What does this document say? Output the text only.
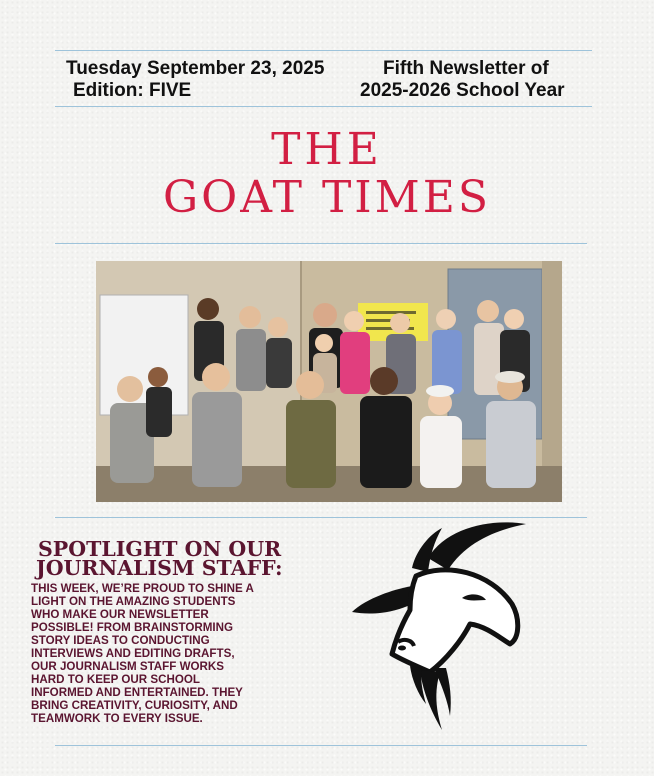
Tuesday September 23, 2025
Edition: FIVE
Fifth Newsletter of
2025-2026 School Year
THE
GOAT TIMES
SPOTLIGHT ON OUR
JOURNALISM STAFF:
THIS WEEK, WE’RE PROUD TO SHINE A
LIGHT ON THE AMAZING STUDENTS
WHO MAKE OUR NEWSLETTER
POSSIBLE! FROM BRAINSTORMING
STORY IDEAS TO CONDUCTING
INTERVIEWS AND EDITING DRAFTS,
OUR JOURNALISM STAFF WORKS
HARD TO KEEP OUR SCHOOL
INFORMED AND ENTERTAINED. THEY
BRING CREATIVITY, CURIOSITY, AND
TEAMWORK TO EVERY ISSUE.
